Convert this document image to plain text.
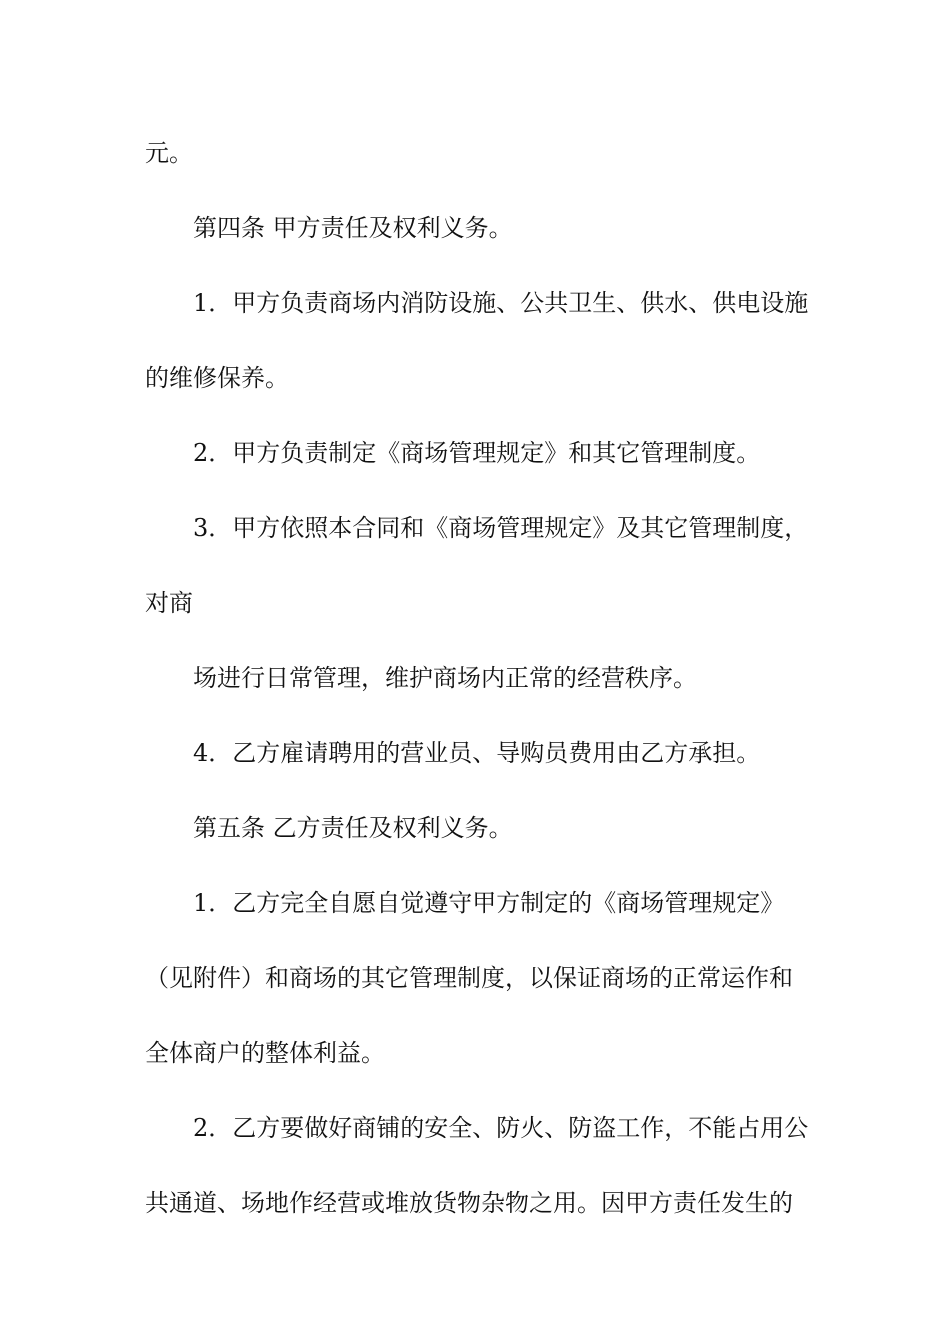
元。

第四条 甲方责任及权利义务。

1．甲方负责商场内消防设施、公共卫生、供水、供电设施

的维修保养。

2．甲方负责制定《商场管理规定》和其它管理制度。

3．甲方依照本合同和《商场管理规定》及其它管理制度，

对商

场进行日常管理，维护商场内正常的经营秩序。

4．乙方雇请聘用的营业员、导购员费用由乙方承担。

第五条 乙方责任及权利义务。

1．乙方完全自愿自觉遵守甲方制定的《商场管理规定》

（见附件）和商场的其它管理制度，以保证商场的正常运作和

全体商户的整体利益。

2．乙方要做好商铺的安全、防火、防盗工作，不能占用公

共通道、场地作经营或堆放货物杂物之用。因甲方责任发生的
